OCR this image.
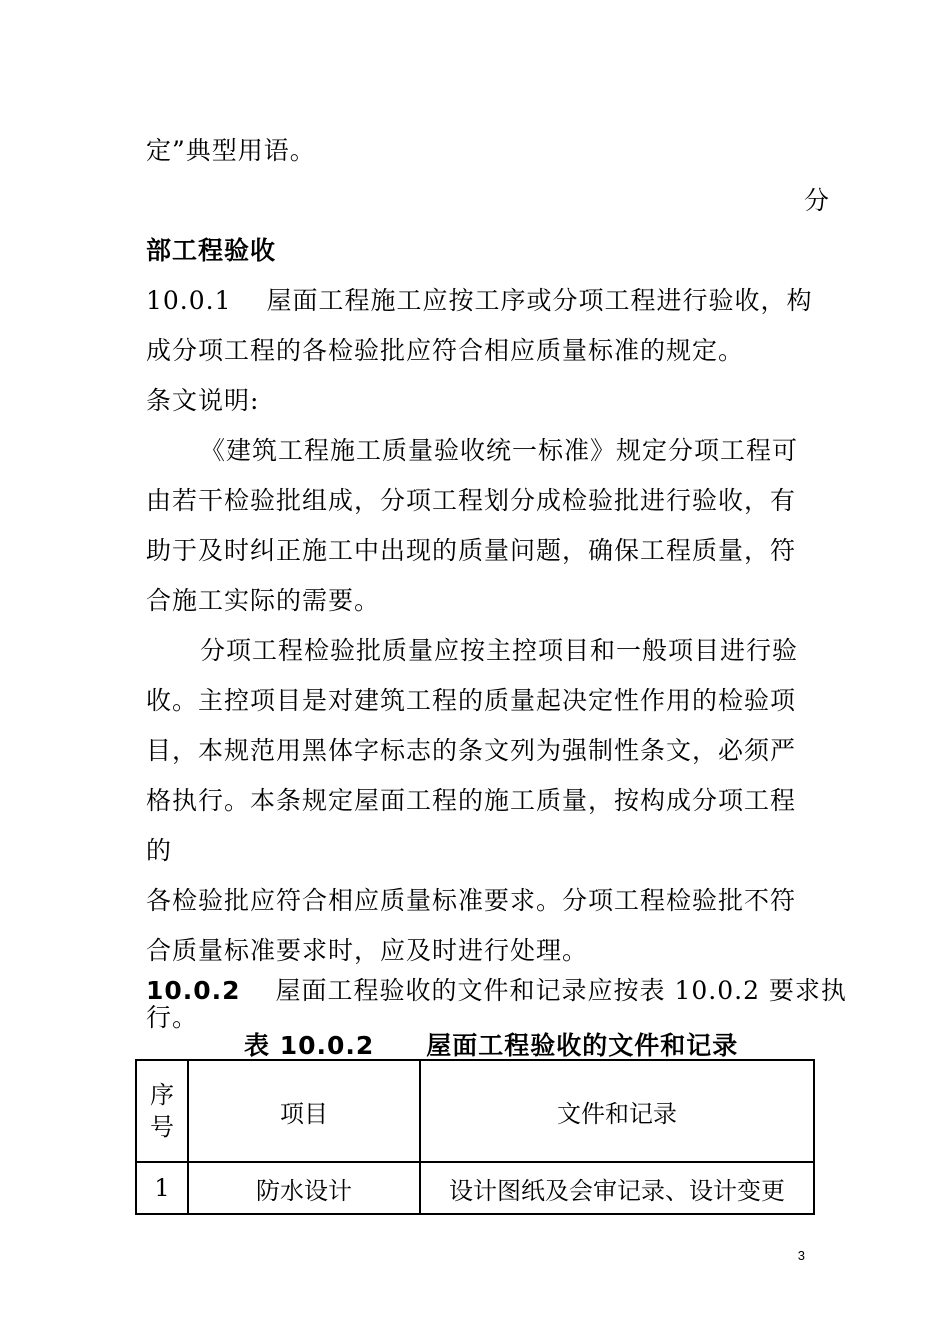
定”典型用语。
分
部工程验收
10.0.1　 屋面工程施工应按工序或分项工程进行验收，构
成分项工程的各检验批应符合相应质量标准的规定。
条文说明:
《建筑工程施工质量验收统一标准》规定分项工程可
由若干检验批组成，分项工程划分成检验批进行验收，有
助于及时纠正施工中出现的质量问题，确保工程质量，符
合施工实际的需要。
分项工程检验批质量应按主控项目和一般项目进行验
收。主控项目是对建筑工程的质量起决定性作用的检验项
目，本规范用黑体字标志的条文列为强制性条文，必须严
格执行。本条规定屋面工程的施工质量，按构成分项工程
的
各检验批应符合相应质量标准要求。分项工程检验批不符
合质量标准要求时，应及时进行处理。
10.0.2　 屋面工程验收的文件和记录应按表 10.0.2 要求执
行。
表 10.0.2　　屋面工程验收的文件和记录
序
号	项目	文件和记录
1	防水设计	设计图纸及会审记录、设计变更
3
